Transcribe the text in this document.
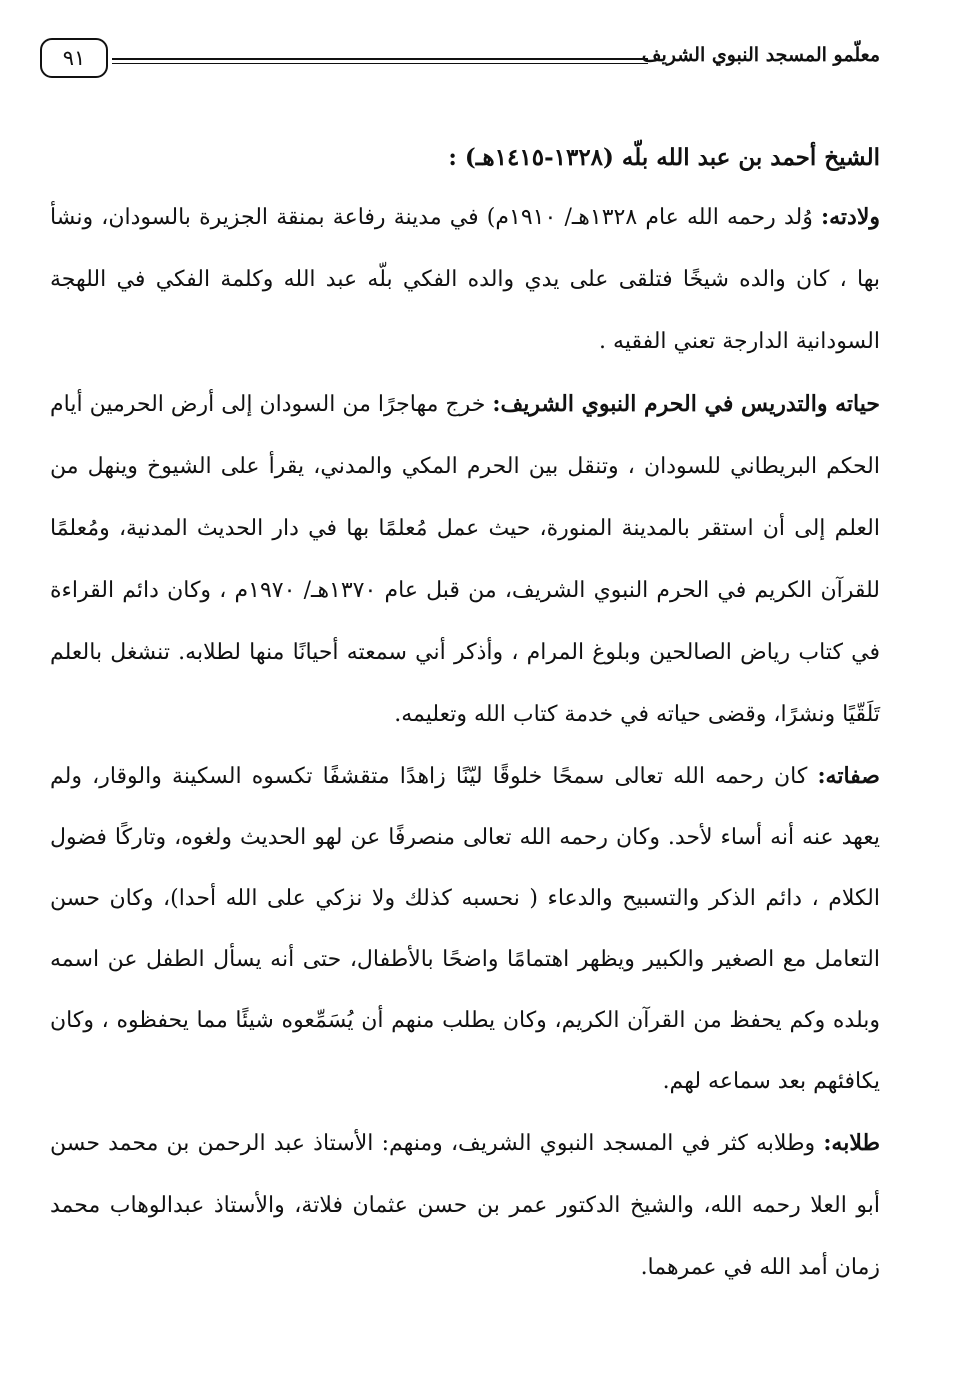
معلّمو المسجد النبوي الشريف
٩١

الشيخ أحمد بن عبد الله بلّه (١٣٢٨-١٤١٥هـ) :

ولادته: وُلد رحمه الله عام ١٣٢٨هـ/ ١٩١٠م) في مدينة رفاعة بمنقة الجزيرة بالسودان، ونشأ بها ، كان والده شيخًا فتلقى على يدي والده الفكي بلّه عبد الله وكلمة الفكي في اللهجة السودانية الدارجة تعني الفقيه .

حياته والتدريس في الحرم النبوي الشريف: خرج مهاجرًا من السودان إلى أرض الحرمين أيام الحكم البريطاني للسودان ، وتنقل بين الحرم المكي والمدني، يقرأ على الشيوخ وينهل من العلم إلى أن استقر بالمدينة المنورة، حيث عمل مُعلمًا بها في دار الحديث المدنية، ومُعلمًا للقرآن الكريم في الحرم النبوي الشريف، من قبل عام ١٣٧٠هـ/ ١٩٧٠م ، وكان دائم القراءة في كتاب رياض الصالحين وبلوغ المرام ، وأذكر أني سمعته أحيانًا منها لطلابه. تنشغل بالعلم تَلَقّيًا ونشرًا، وقضى حياته في خدمة كتاب الله وتعليمه.

صفاته: كان رحمه الله تعالى سمحًا خلوقًا ليّنًا زاهدًا متقشفًا تكسوه السكينة والوقار، ولم يعهد عنه أنه أساء لأحد. وكان رحمه الله تعالى منصرفًا عن لهو الحديث ولغوه، وتاركًا فضول الكلام ، دائم الذكر والتسبيح والدعاء ( نحسبه كذلك ولا نزكي على الله أحدا)، وكان حسن التعامل مع الصغير والكبير ويظهر اهتمامًا واضحًا بالأطفال، حتى أنه يسأل الطفل عن اسمه وبلده وكم يحفظ من القرآن الكريم، وكان يطلب منهم أن يُسَمِّعوه شيئًا مما يحفظوه ، وكان يكافئهم بعد سماعه لهم.

طلابه: وطلابه كثر في المسجد النبوي الشريف، ومنهم: الأستاذ عبد الرحمن بن محمد حسن أبو العلا رحمه الله، والشيخ الدكتور عمر بن حسن عثمان فلاتة، والأستاذ عبدالوهاب محمد زمان أمد الله في عمرهما.
